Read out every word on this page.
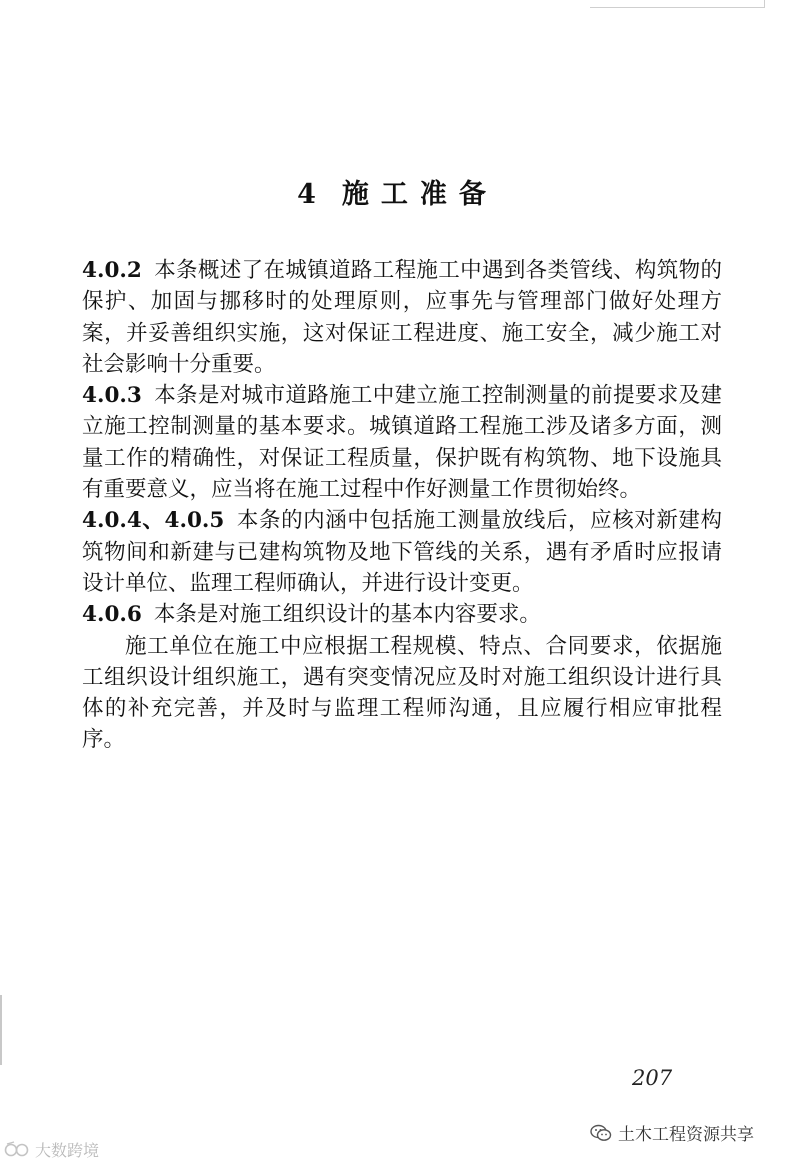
4 施工准备

4.0.2 本条概述了在城镇道路工程施工中遇到各类管线、构筑物的保护、加固与挪移时的处理原则，应事先与管理部门做好处理方案，并妥善组织实施，这对保证工程进度、施工安全，减少施工对社会影响十分重要。

4.0.3 本条是对城市道路施工中建立施工控制测量的前提要求及建立施工控制测量的基本要求。城镇道路工程施工涉及诸多方面，测量工作的精确性，对保证工程质量，保护既有构筑物、地下设施具有重要意义，应当将在施工过程中作好测量工作贯彻始终。

4.0.4、4.0.5 本条的内涵中包括施工测量放线后，应核对新建构筑物间和新建与已建构筑物及地下管线的关系，遇有矛盾时应报请设计单位、监理工程师确认，并进行设计变更。

4.0.6 本条是对施工组织设计的基本内容要求。

施工单位在施工中应根据工程规模、特点、合同要求，依据施工组织设计组织施工，遇有突变情况应及时对施工组织设计进行具体的补充完善，并及时与监理工程师沟通，且应履行相应审批程序。

207
土木工程资源共享
大数跨境
